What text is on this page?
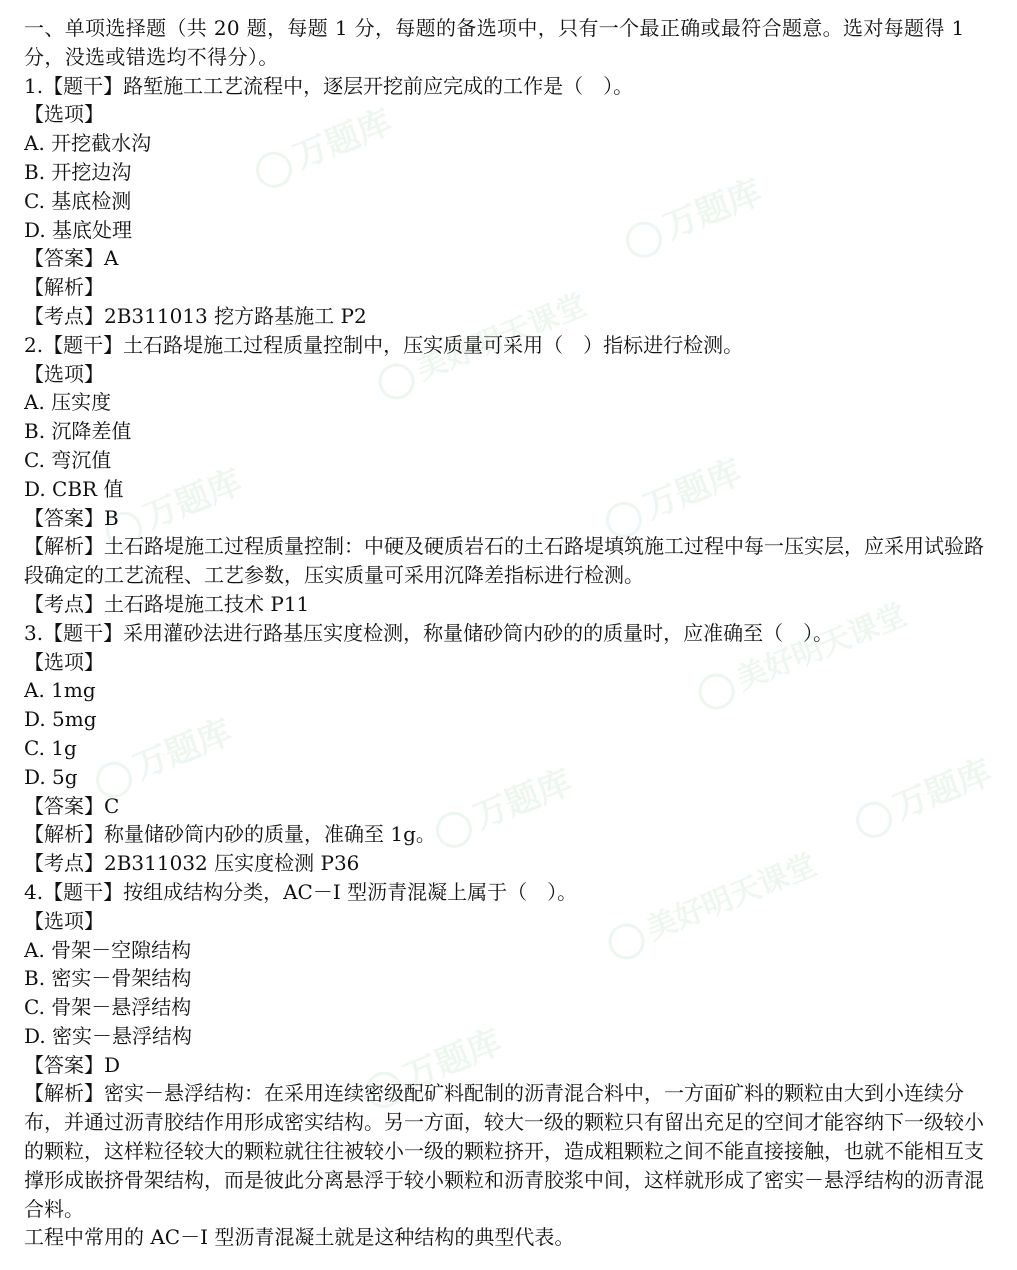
万题库
万题库
万题库	万题库
万题库
万题库	万题库
万题库
美好明天课堂
美好明天课堂
美好明天课堂
一、单项选择题（共 20 题，每题 1 分，每题的备选项中，只有一个最正确或最符合题意。选对每题得 1 分，没选或错选均不得分）。
1.【题干】路堑施工工艺流程中，逐层开挖前应完成的工作是（　）。
【选项】
A. 开挖截水沟
B. 开挖边沟
C. 基底检测
D. 基底处理
【答案】A
【解析】
【考点】2B311013 挖方路基施工 P2
2.【题干】土石路堤施工过程质量控制中，压实质量可采用（　）指标进行检测。
【选项】
A. 压实度
B. 沉降差值
C. 弯沉值
D. CBR 值
【答案】B
【解析】土石路堤施工过程质量控制：中硬及硬质岩石的土石路堤填筑施工过程中每一压实层，应采用试验路段确定的工艺流程、工艺参数，压实质量可采用沉降差指标进行检测。
【考点】土石路堤施工技术 P11
3.【题干】采用灌砂法进行路基压实度检测，称量储砂筒内砂的的质量时，应准确至（　）。
【选项】
A. 1mg
D. 5mg
C. 1g
D. 5g
【答案】C
【解析】称量储砂筒内砂的质量，准确至 1g。
【考点】2B311032 压实度检测 P36
4.【题干】按组成结构分类，AC－I 型沥青混凝上属于（　）。
【选项】
A. 骨架－空隙结构
B. 密实－骨架结构
C. 骨架－悬浮结构
D. 密实－悬浮结构
【答案】D
【解析】密实－悬浮结构：在采用连续密级配矿料配制的沥青混合料中，一方面矿料的颗粒由大到小连续分布，并通过沥青胶结作用形成密实结构。另一方面，较大一级的颗粒只有留出充足的空间才能容纳下一级较小的颗粒，这样粒径较大的颗粒就往往被较小一级的颗粒挤开，造成粗颗粒之间不能直接接触，也就不能相互支撑形成嵌挤骨架结构，而是彼此分离悬浮于较小颗粒和沥青胶浆中间，这样就形成了密实－悬浮结构的沥青混合料。
工程中常用的 AC－I 型沥青混凝土就是这种结构的典型代表。
